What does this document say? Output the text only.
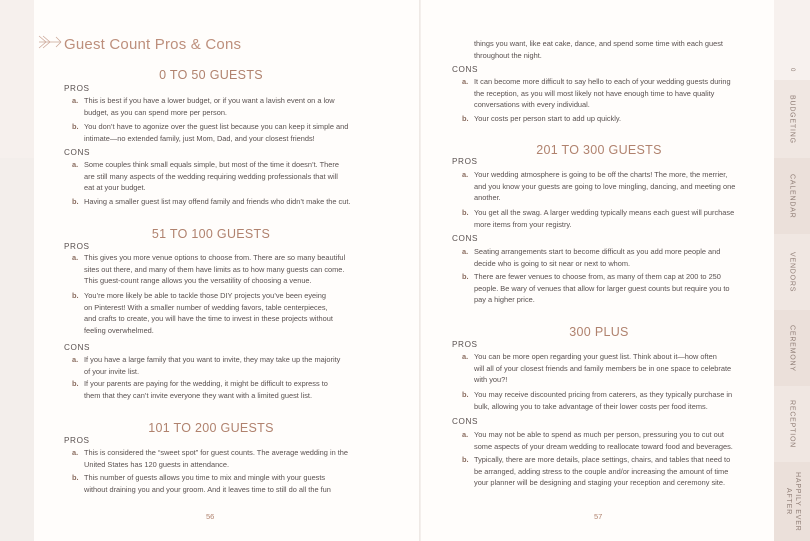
Guest Count Pros & Cons
0 TO 50 GUESTS
PROS
a. This is best if you have a lower budget, or if you want a lavish event on a low
budget, as you can spend more per person.
b. You don’t have to agonize over the guest list because you can keep it simple and
intimate—no extended family, just Mom, Dad, and your closest friends!
CONS
a. Some couples think small equals simple, but most of the time it doesn’t. There
are still many aspects of the wedding requiring wedding professionals that will
eat at your budget.
b. Having a smaller guest list may offend family and friends who didn’t make the cut.
51 TO 100 GUESTS
PROS
a. This gives you more venue options to choose from. There are so many beautiful
sites out there, and many of them have limits as to how many guests can come.
This guest-count range allows you the versatility of choosing a venue.
b. You’re more likely be able to tackle those DIY projects you’ve been eyeing
on Pinterest! With a smaller number of wedding favors, table centerpieces,
and crafts to create, you will have the time to invest in these projects without
feeling overwhelmed.
CONS
a. If you have a large family that you want to invite, they may take up the majority
of your invite list.
b. If your parents are paying for the wedding, it might be difficult to express to
them that they can’t invite everyone they want with a limited guest list.
101 TO 200 GUESTS
PROS
a. This is considered the “sweet spot” for guest counts. The average wedding in the
United States has 120 guests in attendance.
b. This number of guests allows you time to mix and mingle with your guests
without draining you and your groom. And it leaves time to still do all the fun
56
things you want, like eat cake, dance, and spend some time with each guest
throughout the night.
CONS
a. It can become more difficult to say hello to each of your wedding guests during
the reception, as you will most likely not have enough time to have quality
conversations with every individual.
b. Your costs per person start to add up quickly.
201 TO 300 GUESTS
PROS
a. Your wedding atmosphere is going to be off the charts! The more, the merrier,
and you know your guests are going to love mingling, dancing, and meeting one
another.
b. You get all the swag. A larger wedding typically means each guest will purchase
more items from your registry.
CONS
a. Seating arrangements start to become difficult as you add more people and
decide who is going to sit near or next to whom.
b. There are fewer venues to choose from, as many of them cap at 200 to 250
people. Be wary of venues that allow for larger guest counts but require you to
pay a higher price.
300 PLUS
PROS
a. You can be more open regarding your guest list. Think about it—how often
will all of your closest friends and family members be in one space to celebrate
with you?!
b. You may receive discounted pricing from caterers, as they typically purchase in
bulk, allowing you to take advantage of their lower costs per food items.
CONS
a. You may not be able to spend as much per person, pressuring you to cut out
some aspects of your dream wedding to reallocate toward food and beverages.
b. Typically, there are more details, place settings, chairs, and tables that need to
be arranged, adding stress to the couple and/or increasing the amount of time
your planner will be designing and staging your reception and ceremony site.
57
BUDGETING
CALENDAR
VENDORS
CEREMONY
RECEPTION
HAPPILY EVER AFTER
0
